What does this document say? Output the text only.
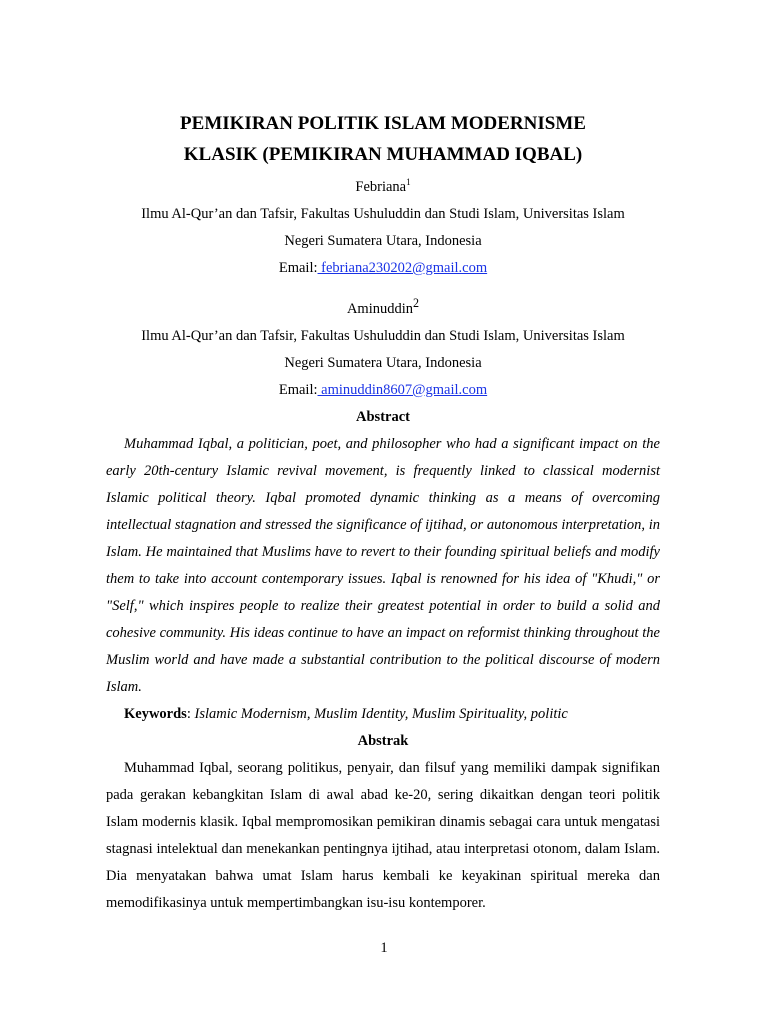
PEMIKIRAN POLITIK ISLAM MODERNISME
KLASIK (PEMIKIRAN MUHAMMAD IQBAL)
Febriana$^1$
Ilmu Al-Qur’an dan Tafsir, Fakultas Ushuluddin dan Studi Islam, Universitas Islam
Negeri Sumatera Utara, Indonesia
Email: febriana230202@gmail.com
Aminuddin$^2$
Ilmu Al-Qur’an dan Tafsir, Fakultas Ushuluddin dan Studi Islam, Universitas Islam
Negeri Sumatera Utara, Indonesia
Email: aminuddin8607@gmail.com
Abstract

Muhammad Iqbal, a politician, poet, and philosopher who had a significant impact on the early 20th-century Islamic revival movement, is frequently linked to classical modernist Islamic political theory. Iqbal promoted dynamic thinking as a means of overcoming intellectual stagnation and stressed the significance of ijtihad, or autonomous interpretation, in Islam. He maintained that Muslims have to revert to their founding spiritual beliefs and modify them to take into account contemporary issues. Iqbal is renowned for his idea of "Khudi," or "Self," which inspires people to realize their greatest potential in order to build a solid and cohesive community. His ideas continue to have an impact on reformist thinking throughout the Muslim world and have made a substantial contribution to the political discourse of modern Islam.

Keywords: Islamic Modernism, Muslim Identity, Muslim Spirituality, politic

Abstrak

Muhammad Iqbal, seorang politikus, penyair, dan filsuf yang memiliki dampak signifikan pada gerakan kebangkitan Islam di awal abad ke-20, sering dikaitkan dengan teori politik Islam modernis klasik. Iqbal mempromosikan pemikiran dinamis sebagai cara untuk mengatasi stagnasi intelektual dan menekankan pentingnya ijtihad, atau interpretasi otonom, dalam Islam. Dia menyatakan bahwa umat Islam harus kembali ke keyakinan spiritual mereka dan memodifikasinya untuk mempertimbangkan isu-isu kontemporer.

1
